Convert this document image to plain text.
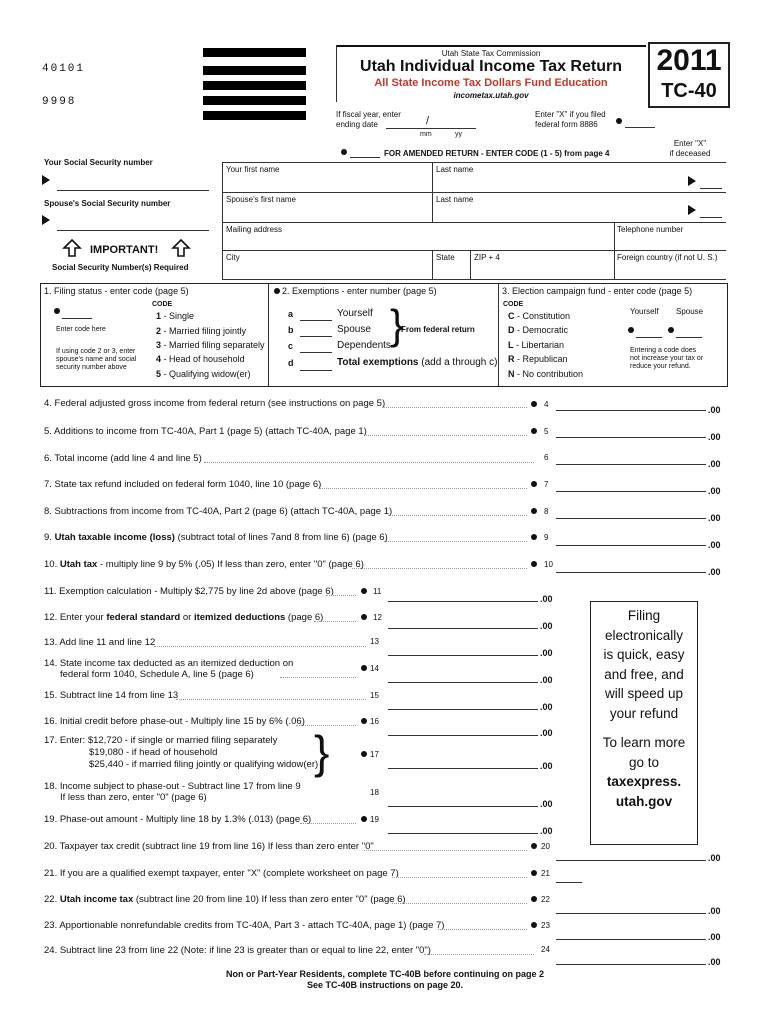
40101
9998
Utah State Tax Commission
Utah Individual Income Tax Return
All State Income Tax Dollars Fund Education
incometax.utah.gov
2011
TC-40
If fiscal year, enter
ending date	/
mm	yy
Enter "X" if you filed
federal form 8886
FOR AMENDED RETURN - ENTER CODE (1 - 5) from page 4
Enter "X"
if deceased
Your Social Security number
Spouse's Social Security number
Your first name	Last name
Spouse's first name	Last name
Mailing address	Telephone number
City	State ZIP + 4	Foreign country (if not U. S.)
IMPORTANT!
Social Security Number(s) Required
1. Filing status - enter code (page 5)
CODE
Enter code here
If using code 2 or 3, enter
spouse's name and social
security number above
1 - Single
2 - Married filing jointly
3 - Married filing separately
4 - Head of household
5 - Qualifying widow(er)
2. Exemptions - enter number (page 5)
a
b
c
d
Yourself
Spouse
Dependents }
From federal return
Total exemptions (add a through c)
3. Election campaign fund - enter code (page 5)
CODE
C - Constitution
D - Democratic
L - Libertarian
R - Republican
N - No contribution
Yourself Spouse
Entering a code does
not increase your tax or
reduce your refund.
4. Federal adjusted gross income from federal return (see instructions on page 5)	4
.00
5. Additions to income from TC-40A, Part 1 (page 5) (attach TC-40A, page 1)	5
.00
6. Total income (add line 4 and line 5)	6
.00
7. State tax refund included on federal form 1040, line 10 (page 6)	7
.00
8. Subtractions from income from TC-40A, Part 2 (page 6) (attach TC-40A, page 1)	8
.00
9. Utah taxable income (loss) (subtract total of lines 7and 8 from line 6) (page 6)	9
.00
10. Utah tax - multiply line 9 by 5% (.05) If less than zero, enter "0" (page 6)	10
.00
11. Exemption calculation - Multiply $2,775 by line 2d above (page 6)	11
.00
12. Enter your federal standard or itemized deductions (page 6)	12
.00
13. Add line 11 and line 12	13
.00
14. State income tax deducted as an itemized deduction on
federal form 1040, Schedule A, line 5 (page 6)
14
.00
15. Subtract line 14 from line 13	15
.00
16. Initial credit before phase-out - Multiply line 15 by 6% (.06)	16
.00
17. Enter: $12,720 - if single or married filing separately
$19,080 - if head of household
$25,440 - if married filing jointly or qualifying widow(er)
}	17
.00
18. Income subject to phase-out - Subtract line 17 from line 9
If less than zero, enter "0" (page 6)	18
.00
19. Phase-out amount - Multiply line 18 by 1.3% (.013) (page 6)	19
.00
Filing
electronically
is quick, easy
and free, and
will speed up
your refund
To learn more
go to
taxexpress.
utah.gov
20. Taxpayer tax credit (subtract line 19 from line 16) If less than zero enter "0"	20
.00
21. If you are a qualified exempt taxpayer, enter "X" (complete worksheet on page 7)	21
22. Utah income tax (subtract line 20 from line 10) If less than zero enter "0" (page 6)	22
.00
23. Apportionable nonrefundable credits from TC-40A, Part 3 - attach TC-40A, page 1) (page 7)	23
.00
24. Subtract line 23 from line 22 (Note: if line 23 is greater than or equal to line 22, enter "0")	24
.00
Non or Part-Year Residents, complete TC-40B before continuing on page 2
See TC-40B instructions on page 20.
